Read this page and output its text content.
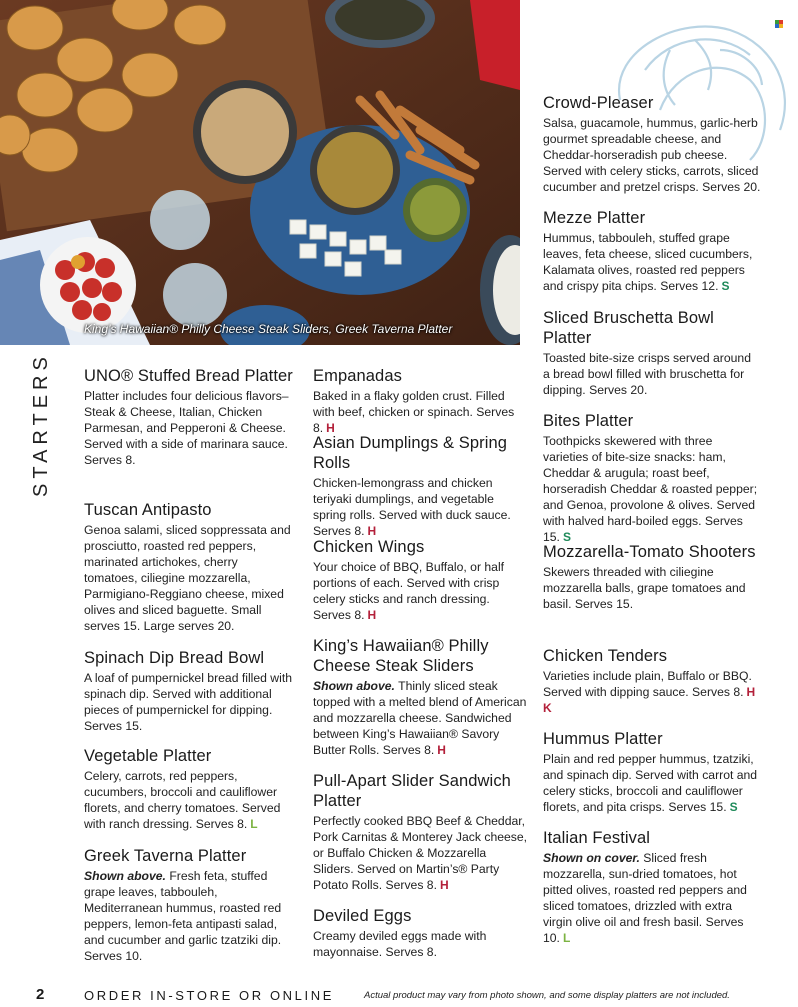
King’s Hawaiian® Philly Cheese Steak Sliders, Greek Taverna Platter
STARTERS UNO® Stuffed Bread Platter
Platter includes four delicious flavors– Steak & Cheese, Italian, Chicken Parmesan, and Pepperoni & Cheese. Served with a side of marinara sauce. Serves 8.
Tuscan Antipasto
Genoa salami, sliced soppressata and prosciutto, roasted red peppers, marinated artichokes, cherry tomatoes, ciliegine mozzarella, Parmigiano-Reggiano cheese, mixed olives and sliced baguette. Small serves 15. Large serves 20.
Spinach Dip Bread Bowl
A loaf of pumpernickel bread filled with spinach dip. Served with additional pieces of pumpernickel for dipping. Serves 15.
Vegetable Platter
Celery, carrots, red peppers, cucumbers, broccoli and cauliflower florets, and cherry tomatoes. Served with ranch dressing. Serves 8. L
Greek Taverna Platter
Shown above. Fresh feta, stuffed grape leaves, tabbouleh, Mediterranean hummus, roasted red peppers, lemon-feta antipasti salad, and cucumber and garlic tzatziki dip. Serves 10.
Empanadas
Baked in a flaky golden crust. Filled with beef, chicken or spinach. Serves 8. H
Asian Dumplings & Spring Rolls
Chicken-lemongrass and chicken teriyaki dumplings, and vegetable spring rolls. Served with duck sauce. Serves 8. H
Chicken Wings
Your choice of BBQ, Buffalo, or half portions of each. Served with crisp celery sticks and ranch dressing. Serves 8. H
King’s Hawaiian® Philly Cheese Steak Sliders
Shown above. Thinly sliced steak topped with a melted blend of American and mozzarella cheese. Sandwiched between King’s Hawaiian® Savory Butter Rolls. Serves 8. H
Pull-Apart Slider Sandwich Platter
Perfectly cooked BBQ Beef & Cheddar, Pork Carnitas & Monterey Jack cheese, or Buffalo Chicken & Mozzarella Sliders. Served on Martin’s® Party Potato Rolls. Serves 8. H
Deviled Eggs
Creamy deviled eggs made with mayonnaise. Serves 8.
Crowd-Pleaser
Salsa, guacamole, hummus, garlic-herb gourmet spreadable cheese, and Cheddar-horseradish pub cheese. Served with celery sticks, carrots, sliced cucumber and pretzel crisps. Serves 20.
Mezze Platter
Hummus, tabbouleh, stuffed grape leaves, feta cheese, sliced cucumbers, Kalamata olives, roasted red peppers and crispy pita chips. Serves 12. S
Sliced Bruschetta Bowl Platter
Toasted bite-size crisps served around a bread bowl filled with bruschetta for dipping. Serves 20.
Bites Platter
Toothpicks skewered with three varieties of bite-size snacks: ham, Cheddar & arugula; roast beef, horseradish Cheddar & roasted pepper; and Genoa, provolone & olives. Served with halved hard-boiled eggs. Serves 15. S
Mozzarella-Tomato Shooters
Skewers threaded with ciliegine mozzarella balls, grape tomatoes and basil. Serves 15.
Chicken Tenders
Varieties include plain, Buffalo or BBQ. Served with dipping sauce. Serves 8. H K
Hummus Platter
Plain and red pepper hummus, tzatziki, and spinach dip. Served with carrot and celery sticks, broccoli and cauliflower florets, and pita crisps. Serves 15. S
Italian Festival
Shown on cover. Sliced fresh mozzarella, sun-dried tomatoes, hot pitted olives, roasted red peppers and sliced tomatoes, drizzled with extra virgin olive oil and fresh basil. Serves 10. L
2	ORDER IN-STORE OR ONLINE	Actual product may vary from photo shown, and some display platters are not included.
